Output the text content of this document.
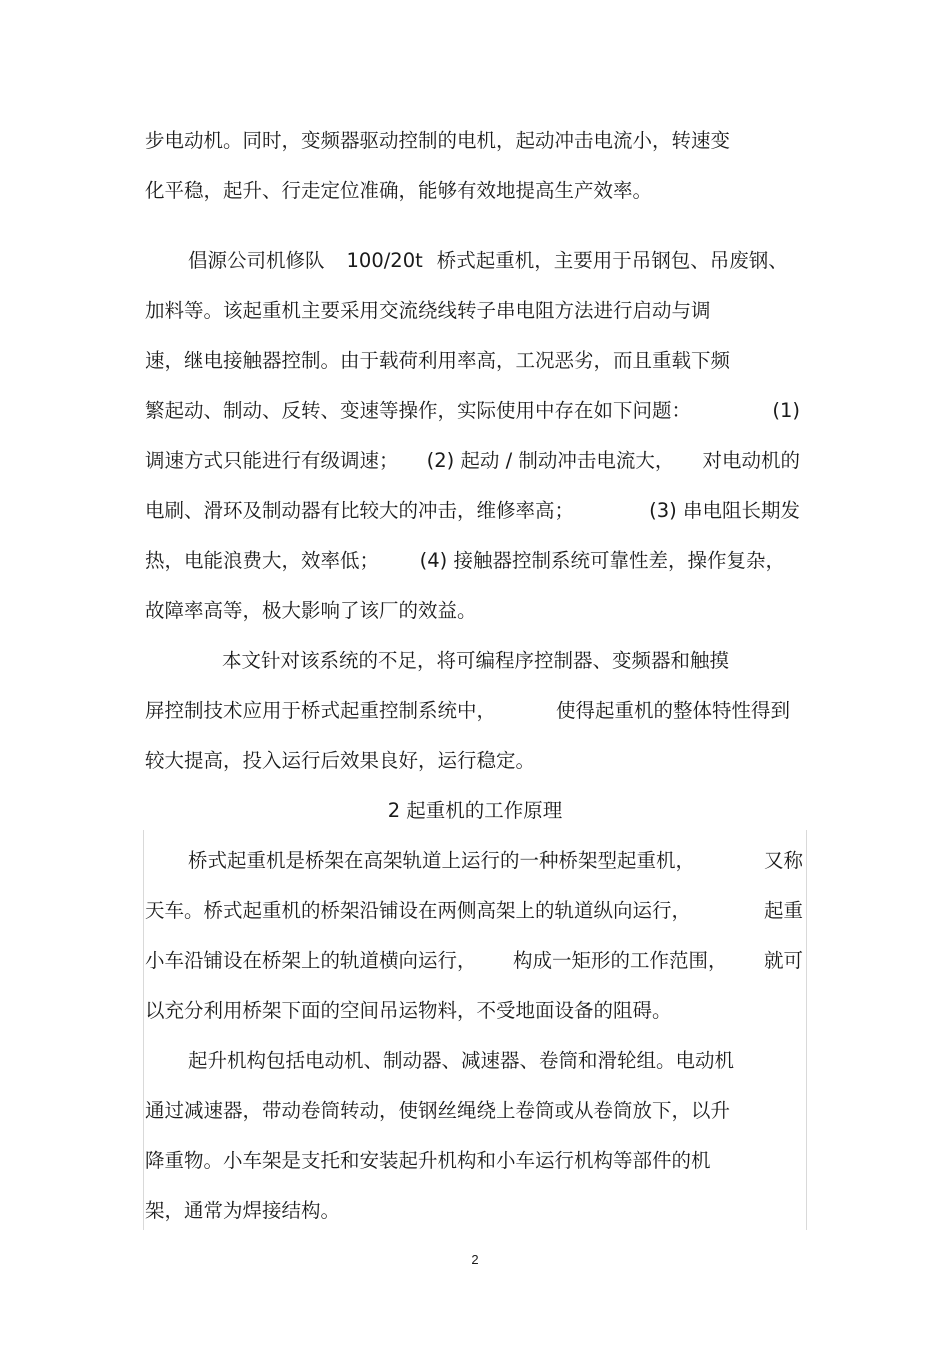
步电动机。同时，变频器驱动控制的电机，起动冲击电流小，转速变
化平稳，起升、行走定位准确，能够有效地提高生产效率。
倡源公司机修队 100/20t 桥式起重机，主要用于吊钢包、吊废钢、
加料等。该起重机主要采用交流绕线转子串电阻方法进行启动与调
速，继电接触器控制。由于载荷利用率高，工况恶劣，而且重载下频
繁起动、制动、反转、变速等操作，实际使用中存在如下问题：	(1)
调速方式只能进行有级调速； (2) 起动 / 制动冲击电流大， 对电动机的
电刷、滑环及制动器有比较大的冲击，维修率高；	(3) 串电阻长期发
热，电能浪费大，效率低； (4) 接触器控制系统可靠性差，操作复杂，
故障率高等，极大影响了该厂的效益。
本文针对该系统的不足，将可编程序控制器、变频器和触摸
屏控制技术应用于桥式起重控制系统中，	使得起重机的整体特性得到
较大提高，投入运行后效果良好，运行稳定。
2 起重机的工作原理
桥式起重机是桥架在高架轨道上运行的一种桥架型起重机，	又称
天车。桥式起重机的桥架沿铺设在两侧高架上的轨道纵向运行，	起重
小车沿铺设在桥架上的轨道横向运行， 构成一矩形的工作范围， 就可
以充分利用桥架下面的空间吊运物料，不受地面设备的阻碍。
起升机构包括电动机、制动器、减速器、卷筒和滑轮组。电动机
通过减速器，带动卷筒转动，使钢丝绳绕上卷筒或从卷筒放下，以升
降重物。小车架是支托和安装起升机构和小车运行机构等部件的机
架，通常为焊接结构。
2
